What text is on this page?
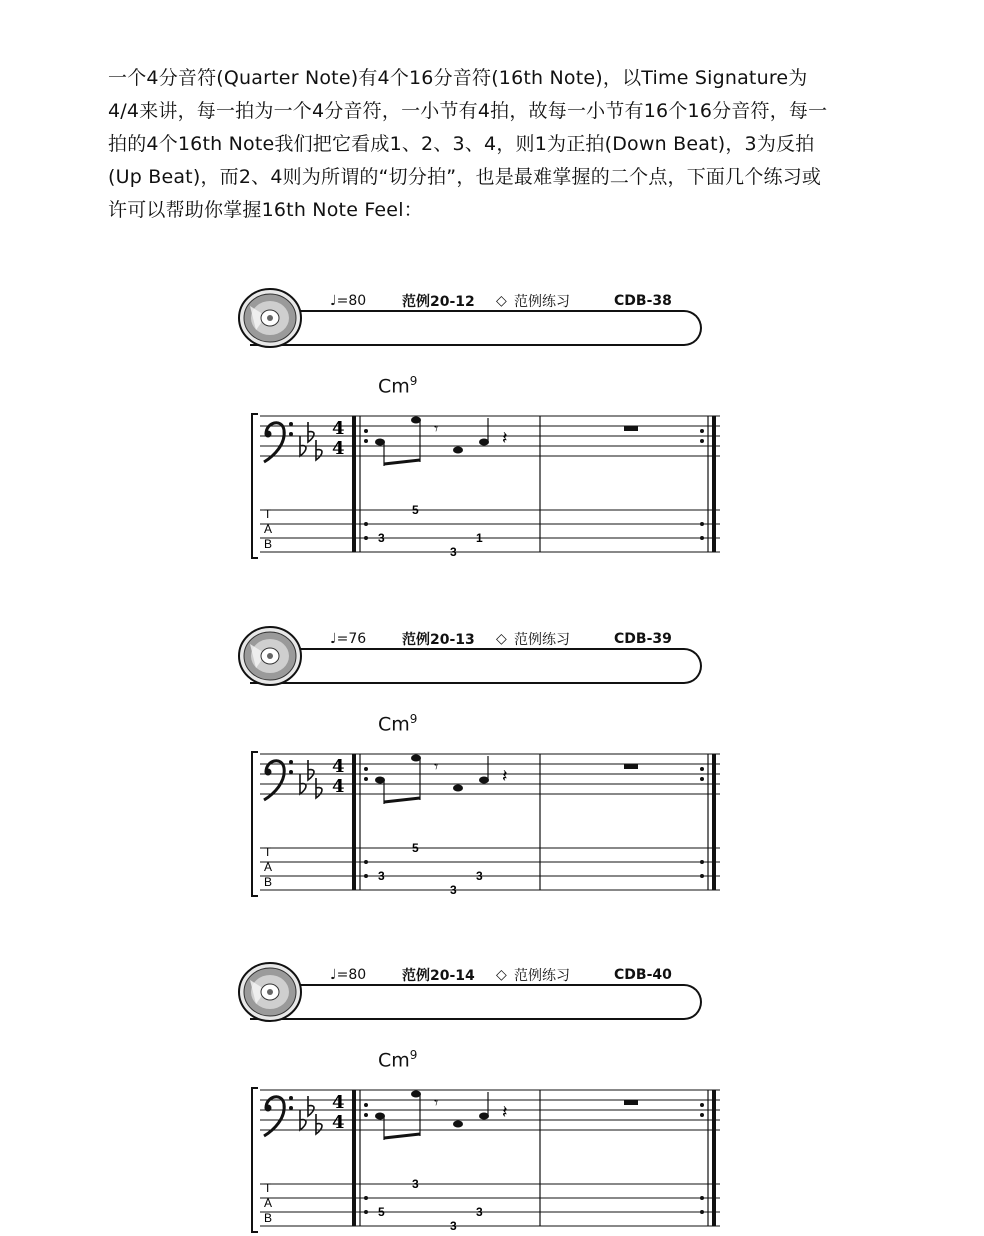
一个4分音符(Quarter Note)有4个16分音符(16th Note)，以Time Signature为

4/4来讲，每一拍为一个4分音符，一小节有4拍，故每一小节有16个16分音符，每一

拍的4个16th Note我们把它看成1、2、3、4，则1为正拍(Down Beat)，3为反拍

(Up Beat)，而2、4则为所谓的“切分拍”，也是最难掌握的二个点，下面几个练习或

许可以帮助你掌握16th Note Feel：

♩=80	范例20-12	◇ 范例练习	CDB-38
Cm$^9$
4
4
T
A
B
𝄾	𝄽
5
3
3
1
♩=76	范例20-13	◇ 范例练习	CDB-39
Cm$^9$
4
4
T
A
B
𝄾	𝄽
5
3
3
3
♩=80	范例20-14	◇ 范例练习	CDB-40
Cm$^9$
4
4
T
A
B
𝄾	𝄽
3
5
3
3
